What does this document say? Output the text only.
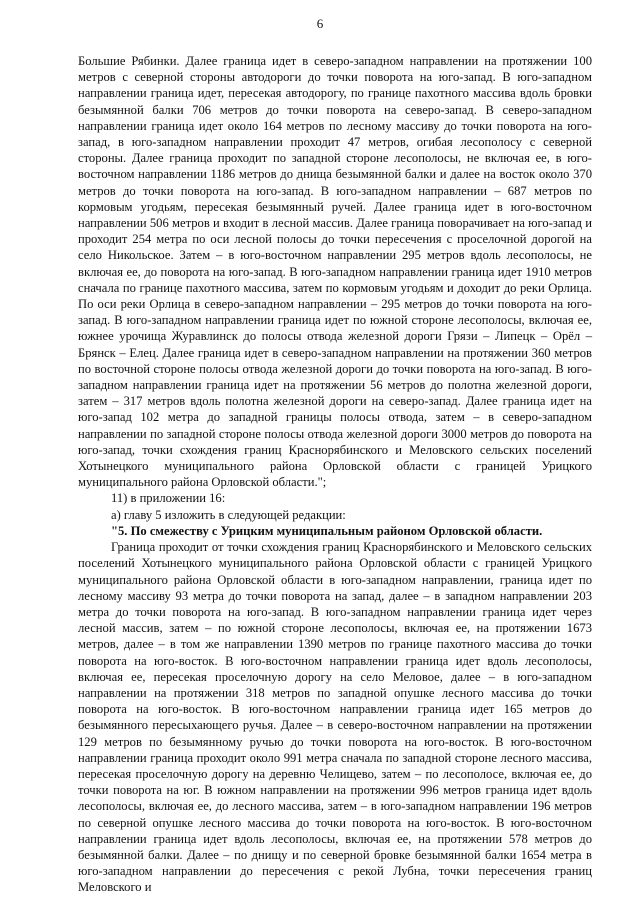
6

Большие Рябинки. Далее граница идет в северо-западном направлении на протяжении 100 метров с северной стороны автодороги до точки поворота на юго-запад. В юго-западном направлении граница идет, пересекая автодорогу, по границе пахотного массива вдоль бровки безымянной балки 706 метров до точки поворота на северо-запад. В северо-западном направлении граница идет около 164 метров по лесному массиву до точки поворота на юго-запад, в юго-западном направлении проходит 47 метров, огибая лесополосу с северной стороны. Далее граница проходит по западной стороне лесополосы, не включая ее, в юго-восточном направлении 1186 метров до днища безымянной балки и далее на восток около 370 метров до точки поворота на юго-запад. В юго-западном направлении – 687 метров по кормовым угодьям, пересекая безымянный ручей. Далее граница идет в юго-восточном направлении 506 метров и входит в лесной массив. Далее граница поворачивает на юго-запад и проходит 254 метра по оси лесной полосы до точки пересечения с проселочной дорогой на село Никольское. Затем – в юго-восточном направлении 295 метров вдоль лесополосы, не включая ее, до поворота на юго-запад. В юго-западном направлении граница идет 1910 метров сначала по границе пахотного массива, затем по кормовым угодьям и доходит до реки Орлица. По оси реки Орлица в северо-западном направлении – 295 метров до точки поворота на юго-запад. В юго-западном направлении граница идет по южной стороне лесополосы, включая ее, южнее урочища Журавлинск до полосы отвода железной дороги Грязи – Липецк – Орёл – Брянск – Елец. Далее граница идет в северо-западном направлении на протяжении 360 метров по восточной стороне полосы отвода железной дороги до точки поворота на юго-запад. В юго-западном направлении граница идет на протяжении 56 метров до полотна железной дороги, затем – 317 метров вдоль полотна железной дороги на северо-запад. Далее граница идет на юго-запад 102 метра до западной границы полосы отвода, затем – в северо-западном направлении по западной стороне полосы отвода железной дороги 3000 метров до поворота на юго-запад, точки схождения границ Краснорябинского и Меловского сельских поселений Хотынецкого муниципального района Орловской области с границей Урицкого муниципального района Орловской области.";

11) в приложении 16:

а) главу 5 изложить в следующей редакции:

"5. По смежеству с Урицким муниципальным районом Орловской области.

Граница проходит от точки схождения границ Краснорябинского и Меловского сельских поселений Хотынецкого муниципального района Орловской области с границей Урицкого муниципального района Орловской области в юго-западном направлении, граница идет по лесному массиву 93 метра до точки поворота на запад, далее – в западном направлении 203 метра до точки поворота на юго-запад. В юго-западном направлении граница идет через лесной массив, затем – по южной стороне лесополосы, включая ее, на протяжении 1673 метров, далее – в том же направлении 1390 метров по границе пахотного массива до точки поворота на юго-восток. В юго-восточном направлении граница идет вдоль лесополосы, включая ее, пересекая проселочную дорогу на село Меловое, далее – в юго-западном направлении на протяжении 318 метров по западной опушке лесного массива до точки поворота на юго-восток. В юго-восточном направлении граница идет 165 метров до безымянного пересыхающего ручья. Далее – в северо-восточном направлении на протяжении 129 метров по безымянному ручью до точки поворота на юго-восток. В юго-восточном направлении граница проходит около 991 метра сначала по западной стороне лесного массива, пересекая проселочную дорогу на деревню Челищево, затем – по лесополосе, включая ее, до точки поворота на юг. В южном направлении на протяжении 996 метров граница идет вдоль лесополосы, включая ее, до лесного массива, затем – в юго-западном направлении 196 метров по северной опушке лесного массива до точки поворота на юго-восток. В юго-восточном направлении граница идет вдоль лесополосы, включая ее, на протяжении 578 метров до безымянной балки. Далее – по днищу и по северной бровке безымянной балки 1654 метра в юго-западном направлении до пересечения с рекой Лубна, точки пересечения границ Меловского и
